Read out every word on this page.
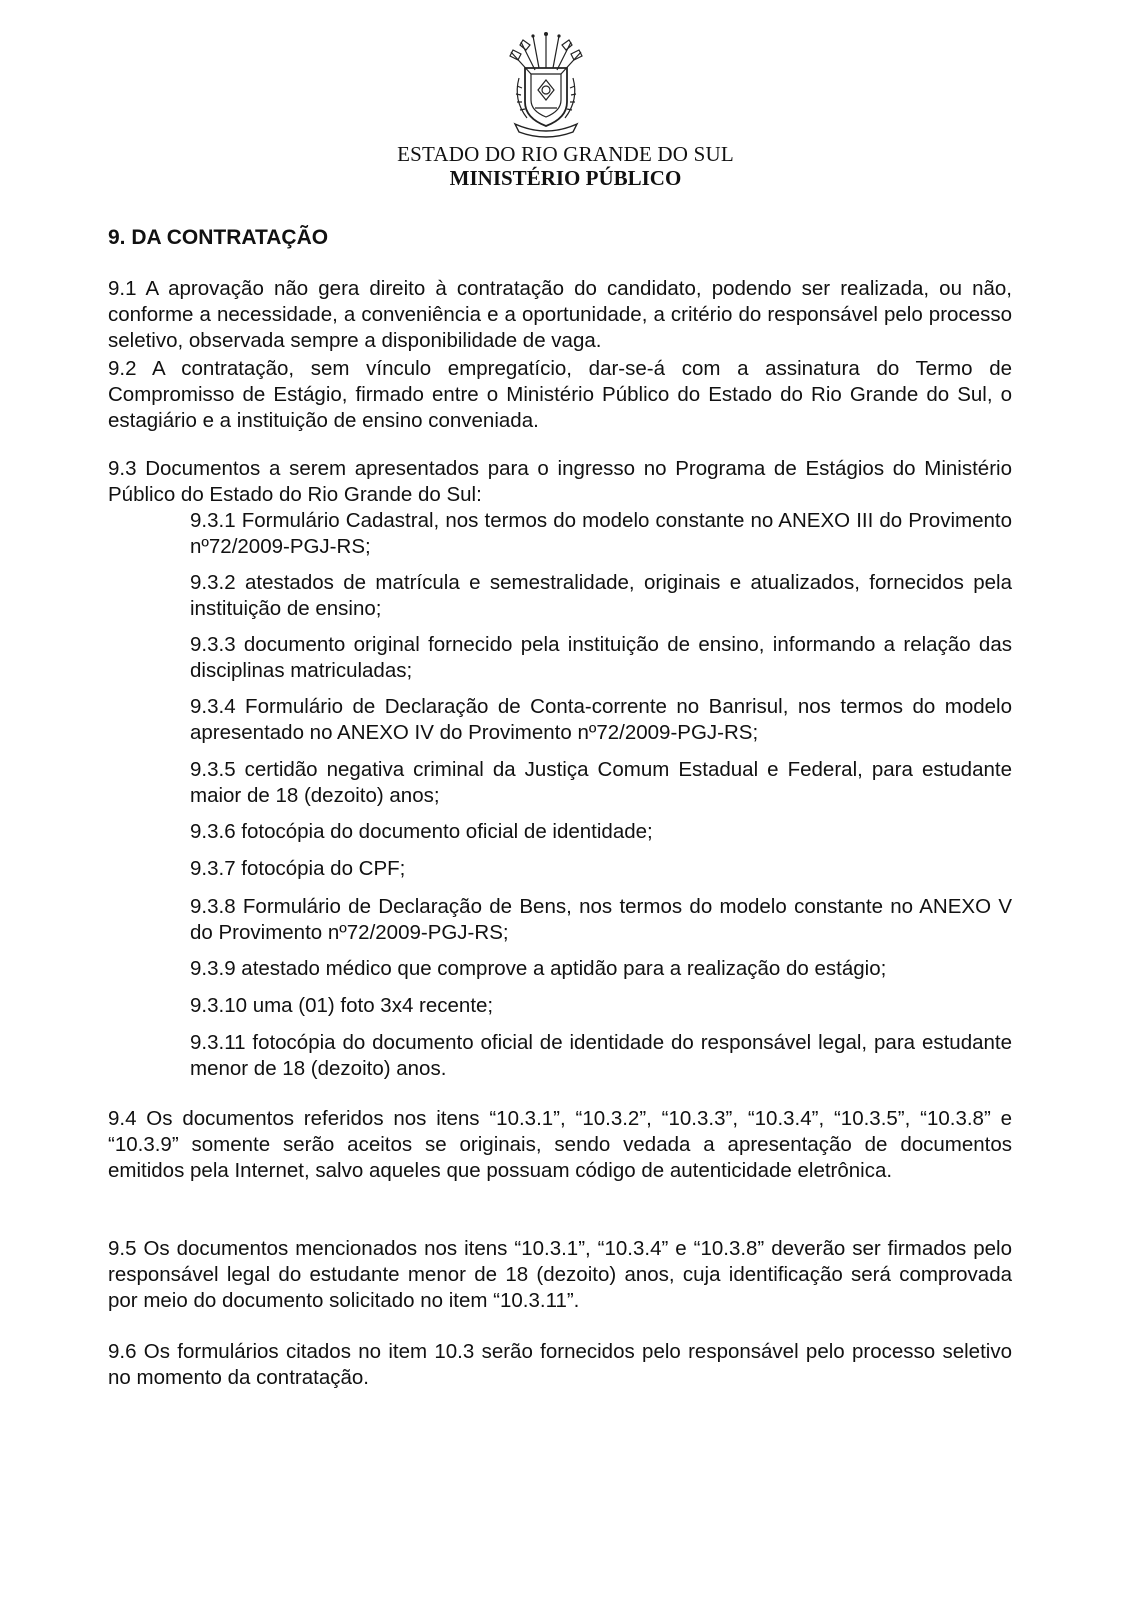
ESTADO DO RIO GRANDE DO SUL
MINISTÉRIO PÚBLICO
9. DA CONTRATAÇÃO

9.1 A aprovação não gera direito à contratação do candidato, podendo ser realizada, ou não, conforme a necessidade, a conveniência e a oportunidade, a critério do responsável pelo processo seletivo, observada sempre a disponibilidade de vaga.

9.2 A contratação, sem vínculo empregatício, dar-se-á com a assinatura do Termo de Compromisso de Estágio, firmado entre o Ministério Público do Estado do Rio Grande do Sul, o estagiário e a instituição de ensino conveniada.

9.3 Documentos a serem apresentados para o ingresso no Programa de Estágios do Ministério Público do Estado do Rio Grande do Sul:

9.3.1 Formulário Cadastral, nos termos do modelo constante no ANEXO III do Provimento nº72/2009-PGJ-RS;

9.3.2 atestados de matrícula e semestralidade, originais e atualizados, fornecidos pela instituição de ensino;

9.3.3 documento original fornecido pela instituição de ensino, informando a relação das disciplinas matriculadas;

9.3.4 Formulário de Declaração de Conta-corrente no Banrisul, nos termos do modelo apresentado no ANEXO IV do Provimento nº72/2009-PGJ-RS;

9.3.5 certidão negativa criminal da Justiça Comum Estadual e Federal, para estudante maior de 18 (dezoito) anos;

9.3.6 fotocópia do documento oficial de identidade;

9.3.7 fotocópia do CPF;

9.3.8 Formulário de Declaração de Bens, nos termos do modelo constante no ANEXO V do Provimento nº72/2009-PGJ-RS;

9.3.9 atestado médico que comprove a aptidão para a realização do estágio;

9.3.10 uma (01) foto 3x4 recente;

9.3.11 fotocópia do documento oficial de identidade do responsável legal, para estudante menor de 18 (dezoito) anos.

9.4 Os documentos referidos nos itens “10.3.1”, “10.3.2”, “10.3.3”, “10.3.4”, “10.3.5”, “10.3.8” e “10.3.9” somente serão aceitos se originais, sendo vedada a apresentação de documentos emitidos pela Internet, salvo aqueles que possuam código de autenticidade eletrônica.

9.5 Os documentos mencionados nos itens “10.3.1”, “10.3.4” e “10.3.8” deverão ser firmados pelo responsável legal do estudante menor de 18 (dezoito) anos, cuja identificação será comprovada por meio do documento solicitado no item “10.3.11”.

9.6 Os formulários citados no item 10.3 serão fornecidos pelo responsável pelo processo seletivo no momento da contratação.
